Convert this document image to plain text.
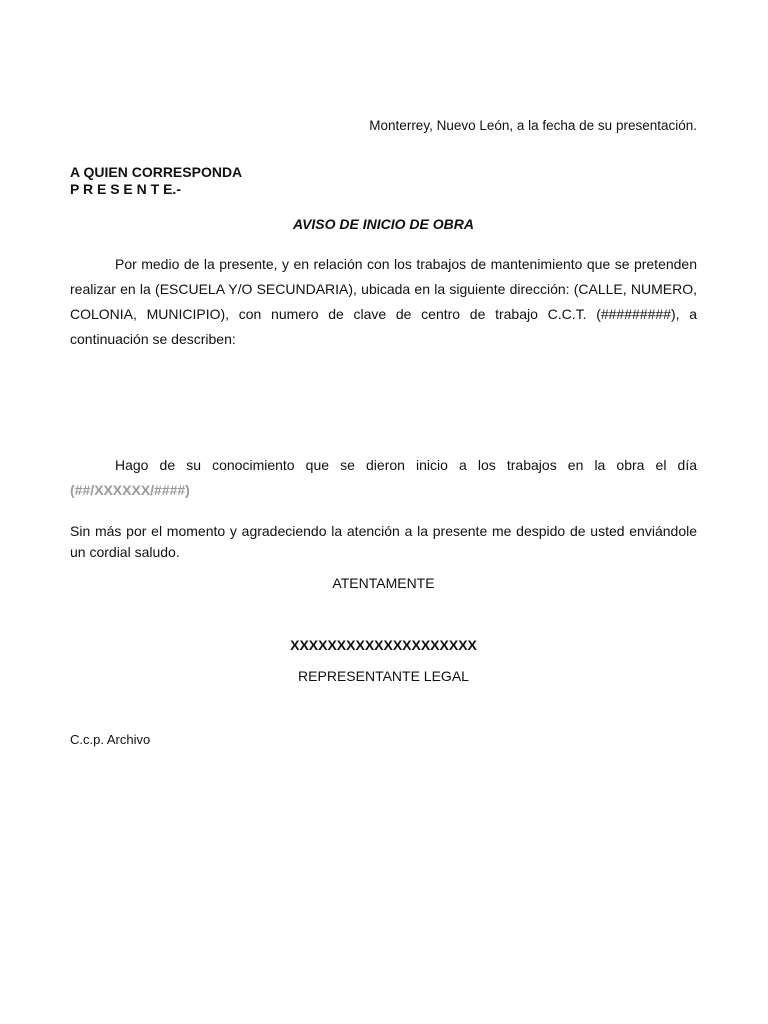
Monterrey, Nuevo León, a la fecha de su presentación.
A QUIEN CORRESPONDA
P R E S E N T E.-
AVISO DE INICIO DE OBRA
Por medio de la presente, y en relación con los trabajos de mantenimiento que se pretenden realizar en la (ESCUELA Y/O SECUNDARIA), ubicada en la siguiente dirección: (CALLE, NUMERO, COLONIA, MUNICIPIO), con numero de clave de centro de trabajo C.C.T. (#########), a continuación se describen:
Hago de su conocimiento que se dieron inicio a los trabajos en la obra el día (##/XXXXXX/####)
Sin más por el momento y agradeciendo la atención a la presente me despido de usted enviándole un cordial saludo.
ATENTAMENTE
XXXXXXXXXXXXXXXXXXXX
REPRESENTANTE LEGAL
C.c.p. Archivo
